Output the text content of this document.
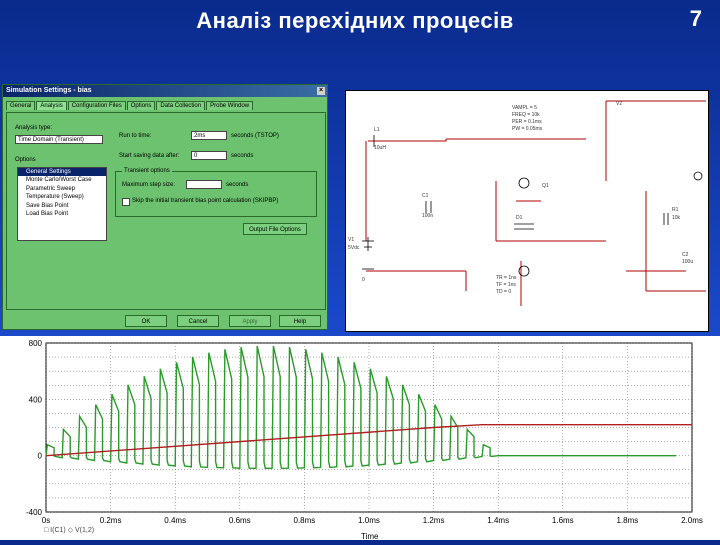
Аналіз перехідних процесів	7
Simulation Settings - bias	×
General	Analysis	Configuration Files	Options	Data Collection	Probe Window
Analysis type:
Time Domain (Transient)
Options
General Settings
Monte Carlo/Worst Case
Parametric Sweep
Temperature (Sweep)
Save Bias Point
Load Bias Point
Run to time:	2ms	seconds (TSTOP)
Start saving data after:	0	seconds
Transient options
Maximum step size:	seconds
Skip the initial transient bias point calculation (SKIPBP)
Output File Options
OK	Cancel	Apply	Help
L1
10uH
C1
100n
V1
5Vdc
Q1
R1
10k
D1
C2
100u
0
VAMPL = 5
FREQ = 10k
PER = 0.1ms
PW = 0.05ms
TR = 1ns
TF = 1ns
TD = 0
V2
0s	0.2ms	0.4ms	0.6ms	0.8ms	1.0ms	1.2ms	1.4ms	1.6ms	1.8ms	2.0ms
800
400
0
-400
□ I(C1) ◇ V(1,2)
Time
